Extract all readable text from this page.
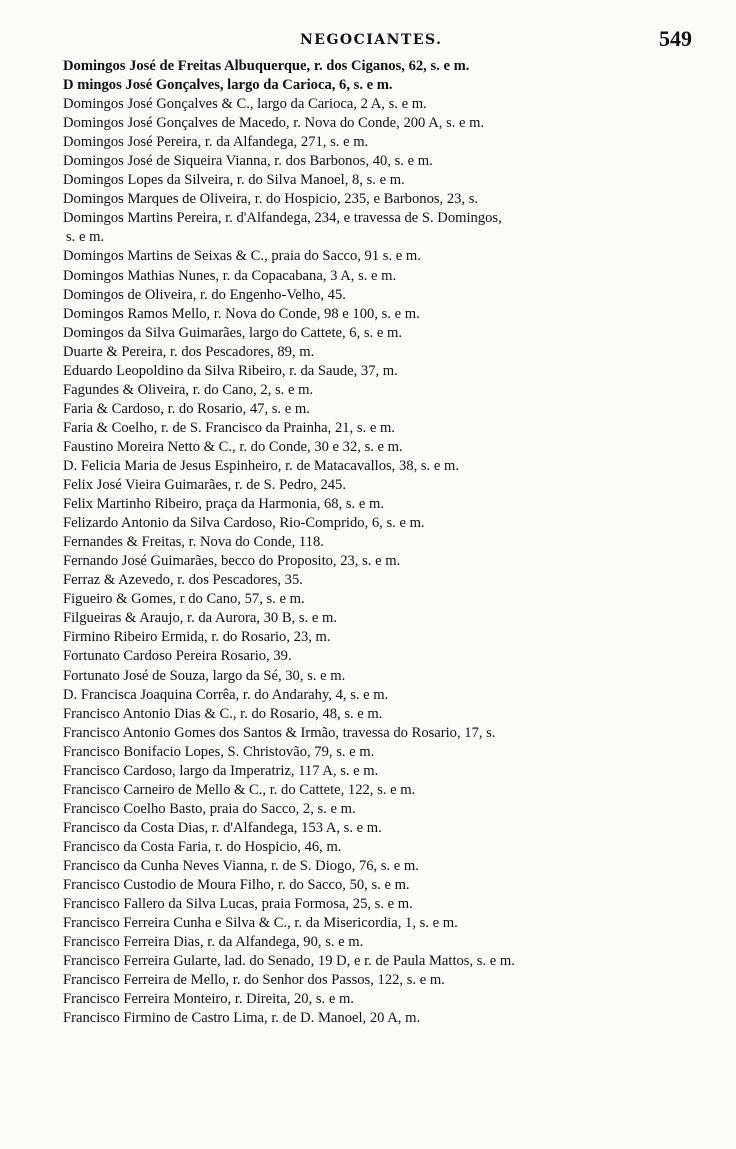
NEGOCIANTES.	549
Domingos José de Freitas Albuquerque, r. dos Ciganos, 62, s. e m.
D mingos José Gonçalves, largo da Carioca, 6, s. e m.
Domingos José Gonçalves & C., largo da Carioca, 2 A, s. e m.
Domingos José Gonçalves de Macedo, r. Nova do Conde, 200 A, s. e m.
Domingos José Pereira, r. da Alfandega, 271, s. e m.
Domingos José de Siqueira Vianna, r. dos Barbonos, 40, s. e m.
Domingos Lopes da Silveira, r. do Silva Manoel, 8, s. e m.
Domingos Marques de Oliveira, r. do Hospicio, 235, e Barbonos, 23, s.
Domingos Martins Pereira, r. d'Alfandega, 234, e travessa de S. Domingos,
s. e m.
Domingos Martins de Seixas & C., praia do Sacco, 91 s. e m.
Domingos Mathias Nunes, r. da Copacabana, 3 A, s. e m.
Domingos de Oliveira, r. do Engenho-Velho, 45.
Domingos Ramos Mello, r. Nova do Conde, 98 e 100, s. e m.
Domingos da Silva Guimarães, largo do Cattete, 6, s. e m.
Duarte & Pereira, r. dos Pescadores, 89, m.
Eduardo Leopoldino da Silva Ribeiro, r. da Saude, 37, m.
Fagundes & Oliveira, r. do Cano, 2, s. e m.
Faria & Cardoso, r. do Rosario, 47, s. e m.
Faria & Coelho, r. de S. Francisco da Prainha, 21, s. e m.
Faustino Moreira Netto & C., r. do Conde, 30 e 32, s. e m.
D. Felicia Maria de Jesus Espinheiro, r. de Matacavallos, 38, s. e m.
Felix José Vieira Guimarães, r. de S. Pedro, 245.
Felix Martinho Ribeiro, praça da Harmonia, 68, s. e m.
Felizardo Antonio da Silva Cardoso, Rio-Comprido, 6, s. e m.
Fernandes & Freitas, r. Nova do Conde, 118.
Fernando José Guimarães, becco do Proposito, 23, s. e m.
Ferraz & Azevedo, r. dos Pescadores, 35.
Figueiro & Gomes, r do Cano, 57, s. e m.
Filgueiras & Araujo, r. da Aurora, 30 B, s. e m.
Firmino Ribeiro Ermida, r. do Rosario, 23, m.
Fortunato Cardoso Pereira Rosario, 39.
Fortunato José de Souza, largo da Sé, 30, s. e m.
D. Francisca Joaquina Corrêa, r. do Andarahy, 4, s. e m.
Francisco Antonio Dias & C., r. do Rosario, 48, s. e m.
Francisco Antonio Gomes dos Santos & Irmão, travessa do Rosario, 17, s.
Francisco Bonifacio Lopes, S. Christovão, 79, s. e m.
Francisco Cardoso, largo da Imperatriz, 117 A, s. e m.
Francisco Carneiro de Mello & C., r. do Cattete, 122, s. e m.
Francisco Coelho Basto, praia do Sacco, 2, s. e m.
Francisco da Costa Dias, r. d'Alfandega, 153 A, s. e m.
Francisco da Costa Faria, r. do Hospicio, 46, m.
Francisco da Cunha Neves Vianna, r. de S. Diogo, 76, s. e m.
Francisco Custodio de Moura Filho, r. do Sacco, 50, s. e m.
Francisco Fallero da Silva Lucas, praia Formosa, 25, s. e m.
Francisco Ferreira Cunha e Silva & C., r. da Misericordia, 1, s. e m.
Francisco Ferreira Dias, r. da Alfandega, 90, s. e m.
Francisco Ferreira Gularte, lad. do Senado, 19 D, e r. de Paula Mattos, s. e m.
Francisco Ferreira de Mello, r. do Senhor dos Passos, 122, s. e m.
Francisco Ferreira Monteiro, r. Direita, 20, s. e m.
Francisco Firmino de Castro Lima, r. de D. Manoel, 20 A, m.
